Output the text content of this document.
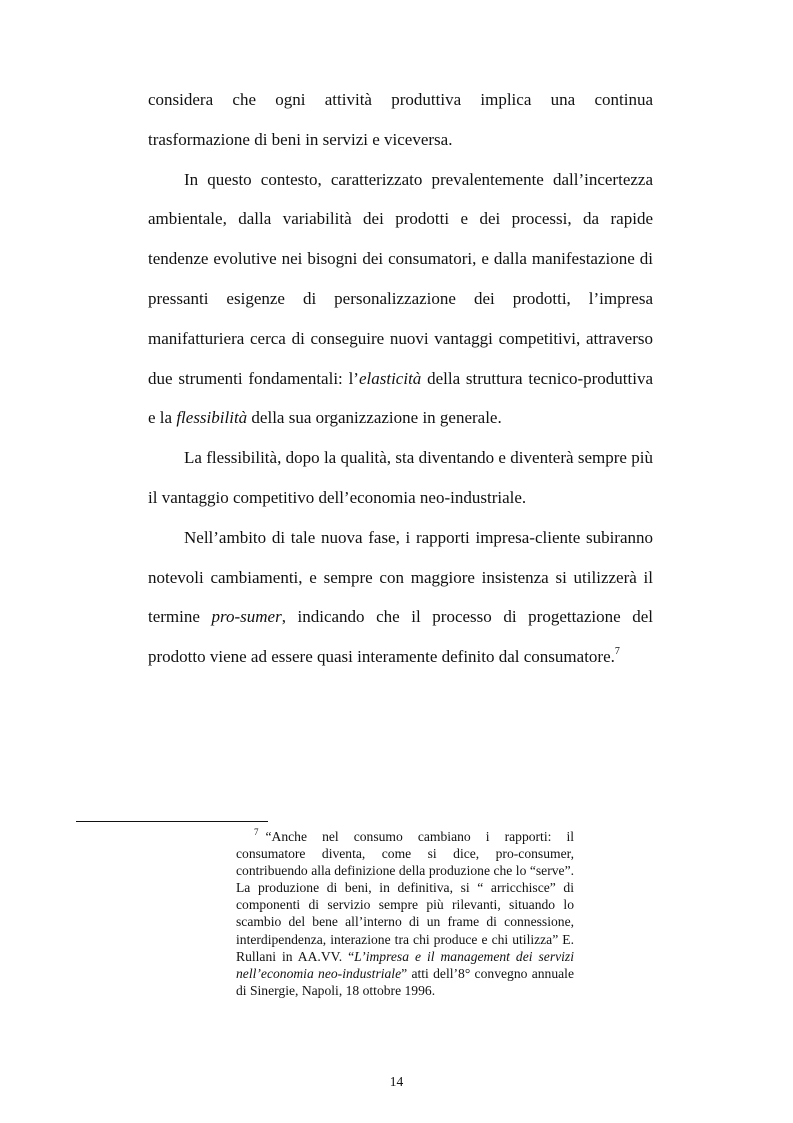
considera che ogni attività produttiva implica una continua trasformazione di beni in servizi e viceversa.

In questo contesto, caratterizzato prevalentemente dall’incertezza ambientale, dalla variabilità dei prodotti e dei processi, da rapide tendenze evolutive nei bisogni dei consumatori, e dalla manifestazione di pressanti esigenze di personalizzazione dei prodotti, l’impresa manifatturiera cerca di conseguire nuovi vantaggi competitivi, attraverso due strumenti fondamentali: l’elasticità della struttura tecnico-produttiva e la flessibilità della sua organizzazione in generale.

La flessibilità, dopo la qualità, sta diventando e diventerà sempre più il vantaggio competitivo dell’economia neo-industriale.

Nell’ambito di tale nuova fase, i rapporti impresa-cliente subiranno notevoli cambiamenti, e sempre con maggiore insistenza si utilizzerà il termine pro-sumer, indicando che il processo di progettazione del prodotto viene ad essere quasi interamente definito dal consumatore.$^7$

$^7$ “Anche nel consumo cambiano i rapporti: il consumatore diventa, come si dice, pro-consumer, contribuendo alla definizione della produzione che lo “serve”. La produzione di beni, in definitiva, si “ arricchisce” di componenti di servizio sempre più rilevanti, situando lo scambio del bene all’interno di un frame di connessione, interdipendenza, interazione tra chi produce e chi utilizza” E. Rullani in AA.VV. “L’impresa e il management dei servizi nell’economia neo-industriale” atti dell’8° convegno annuale di Sinergie, Napoli, 18 ottobre 1996.
14
